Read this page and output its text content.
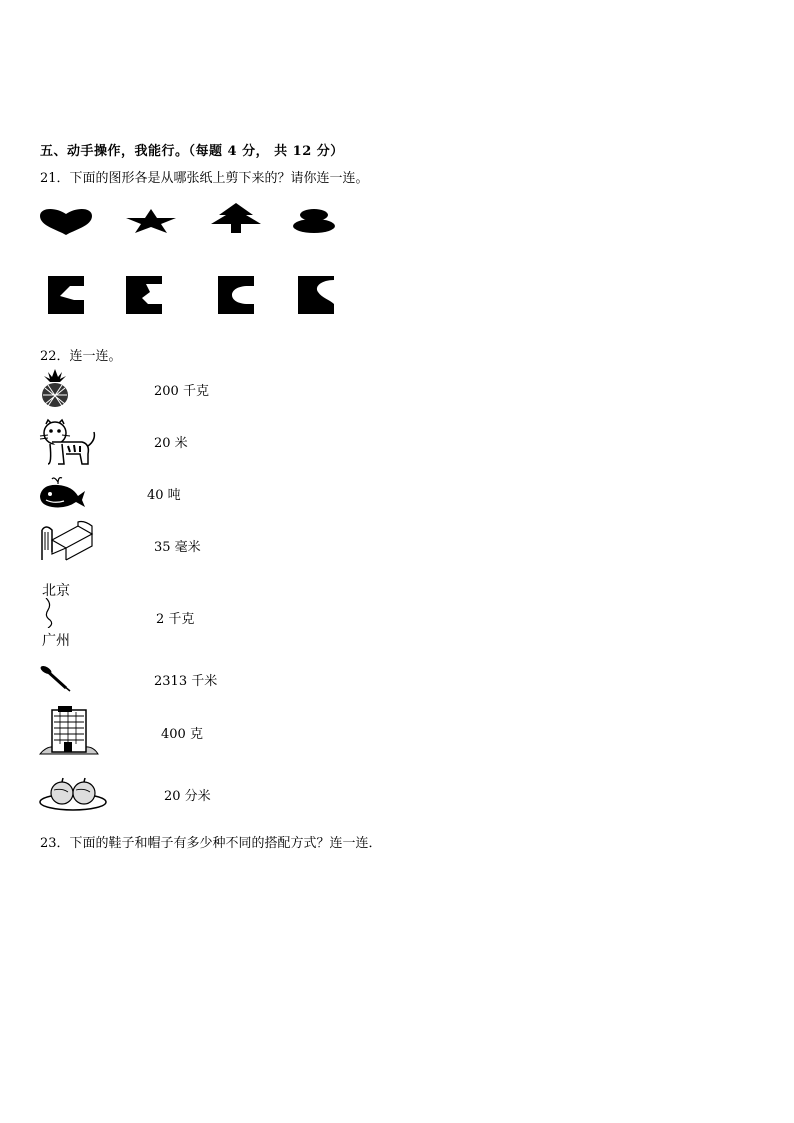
五、动手操作，我能行。（每题 4 分， 共 12 分）
21．下面的图形各是从哪张纸上剪下来的？请你连一连。
22．连一连。
200 千克
20 米
40 吨
35 毫米
北京
广州
2 千克
2313 千米
400 克
20 分米
23．下面的鞋子和帽子有多少种不同的搭配方式？连一连．
